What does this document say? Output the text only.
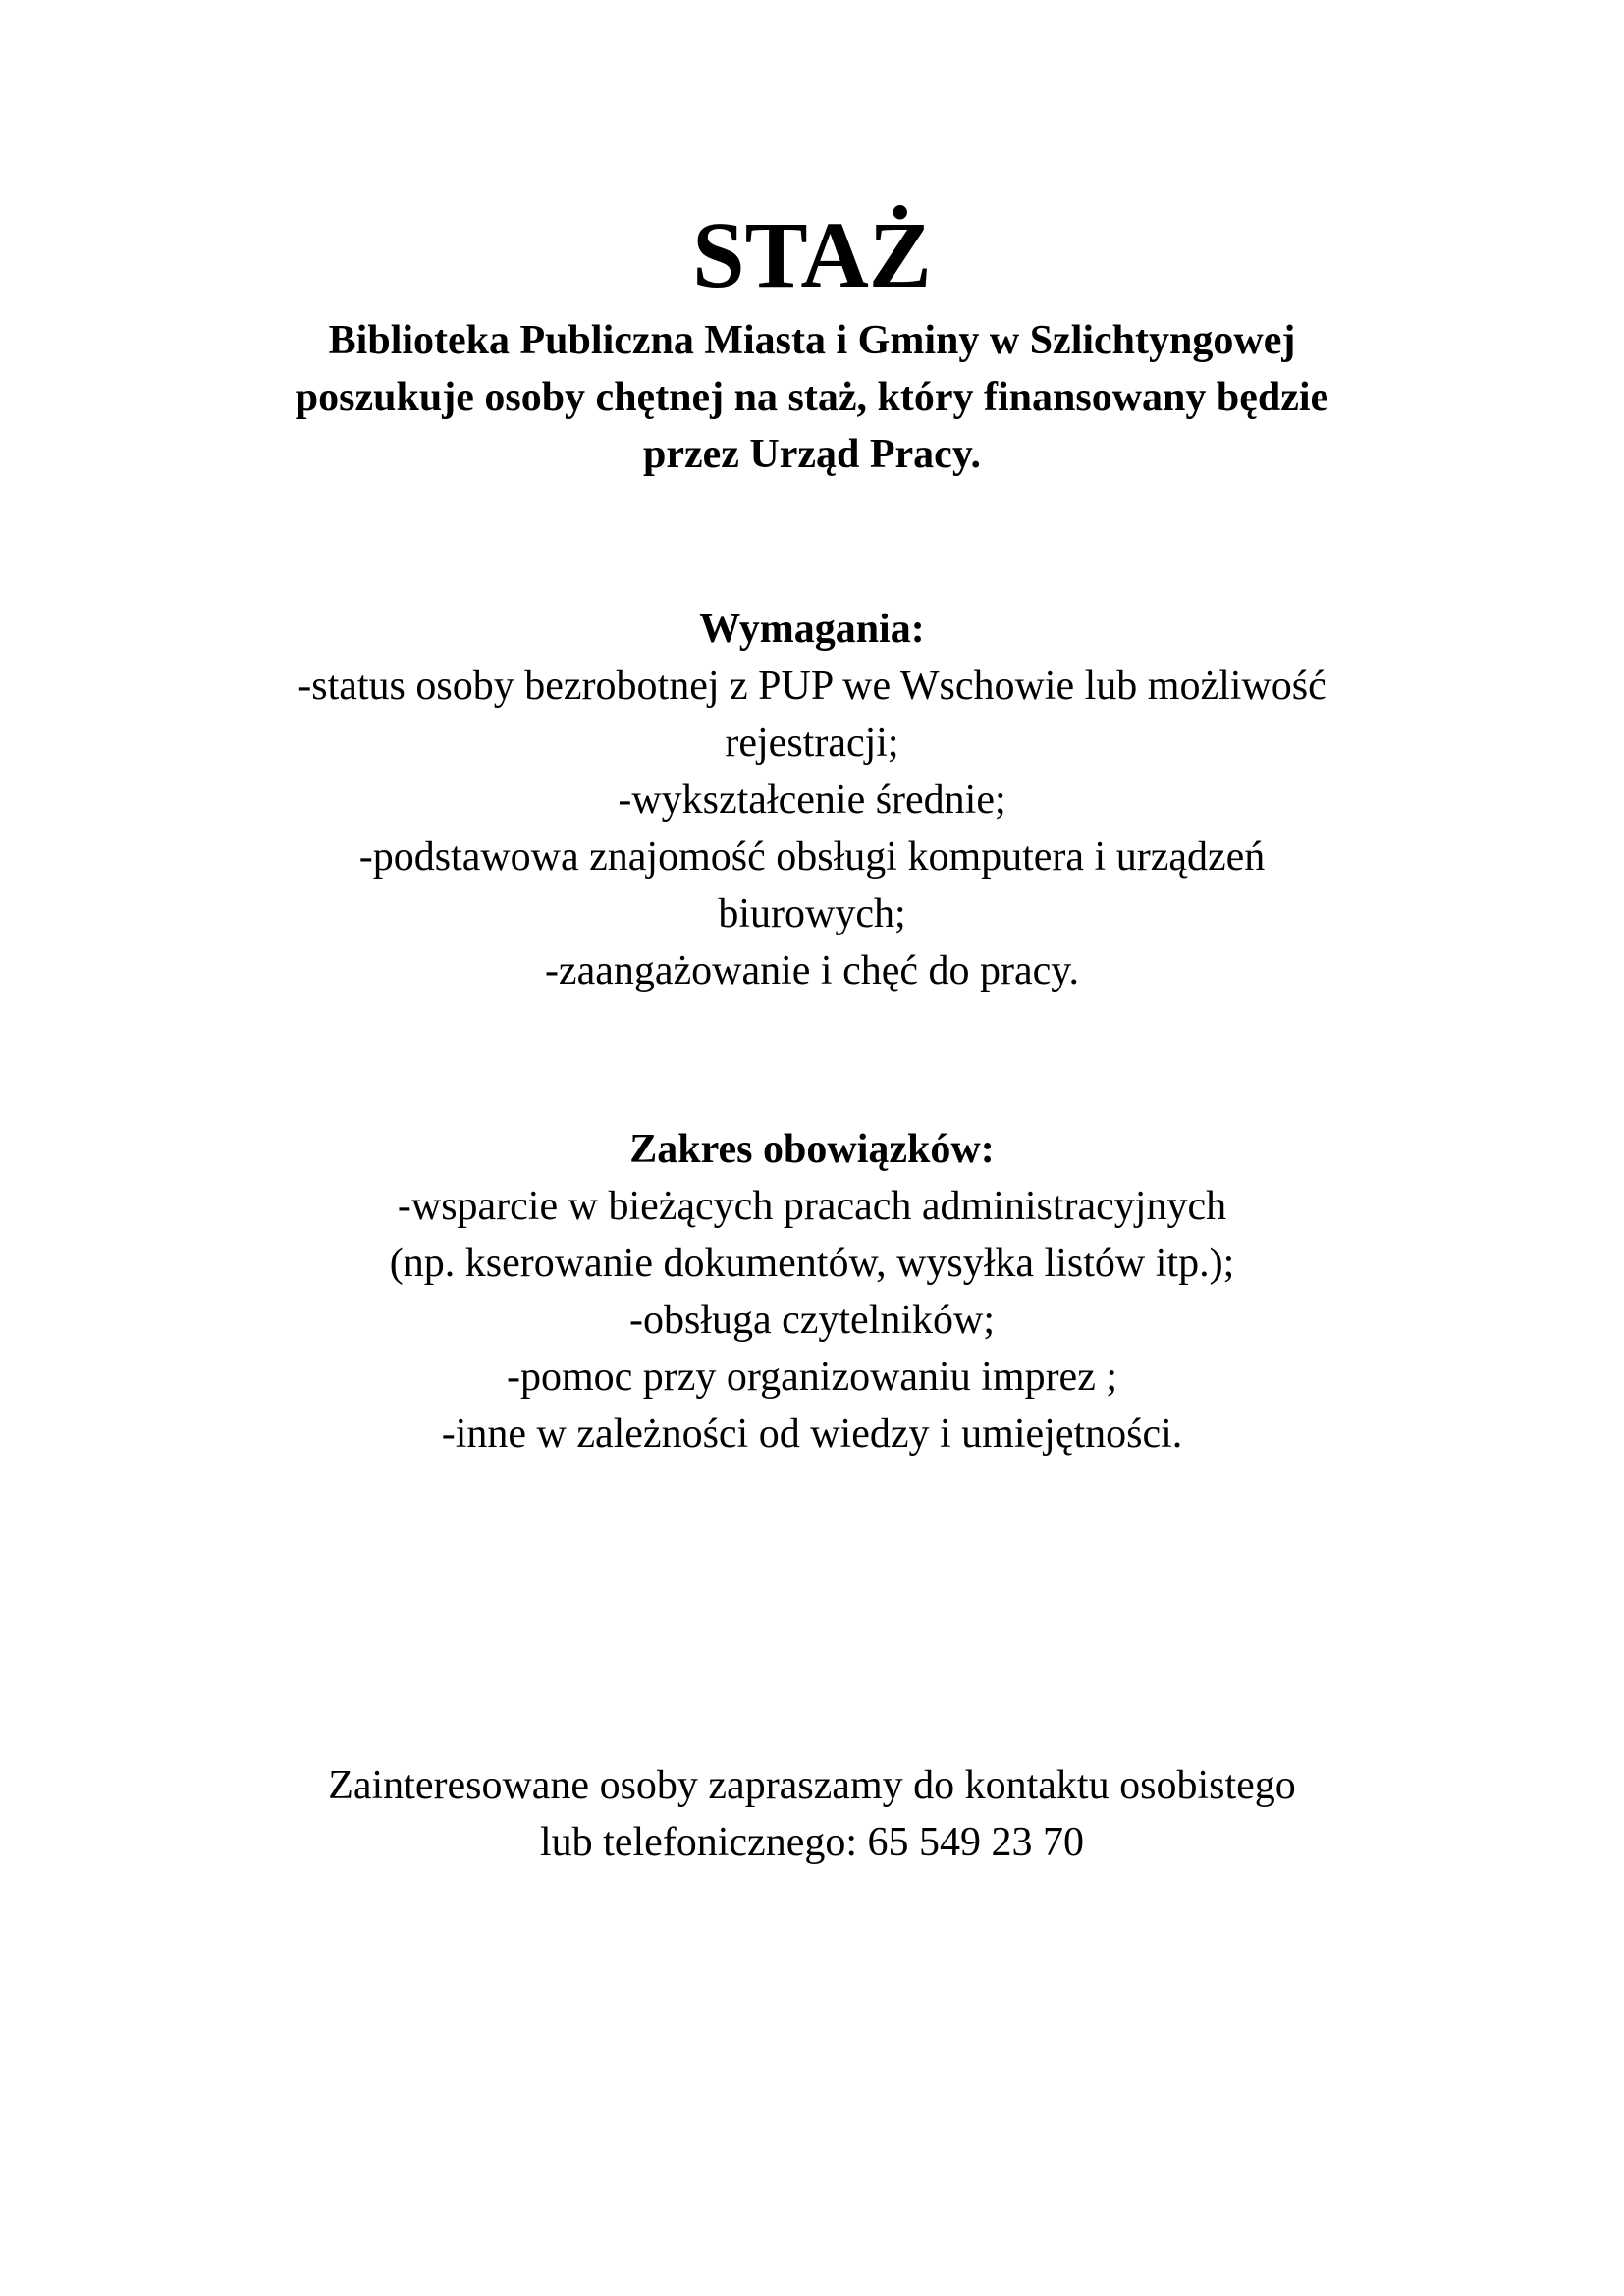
STAŻ
Biblioteka Publiczna Miasta i Gminy w Szlichtyngowej
poszukuje osoby chętnej na staż, który finansowany będzie
przez Urząd Pracy.
Wymagania:
-status osoby bezrobotnej z PUP we Wschowie lub możliwość
rejestracji;
-wykształcenie średnie;
-podstawowa znajomość obsługi komputera i urządzeń
biurowych;
-zaangażowanie i chęć do pracy.
Zakres obowiązków:
-wsparcie w bieżących pracach administracyjnych
(np. kserowanie dokumentów, wysyłka listów itp.);
-obsługa czytelników;
-pomoc przy organizowaniu imprez ;
-inne w zależności od wiedzy i umiejętności.
Zainteresowane osoby zapraszamy do kontaktu osobistego
lub telefonicznego: 65 549 23 70
